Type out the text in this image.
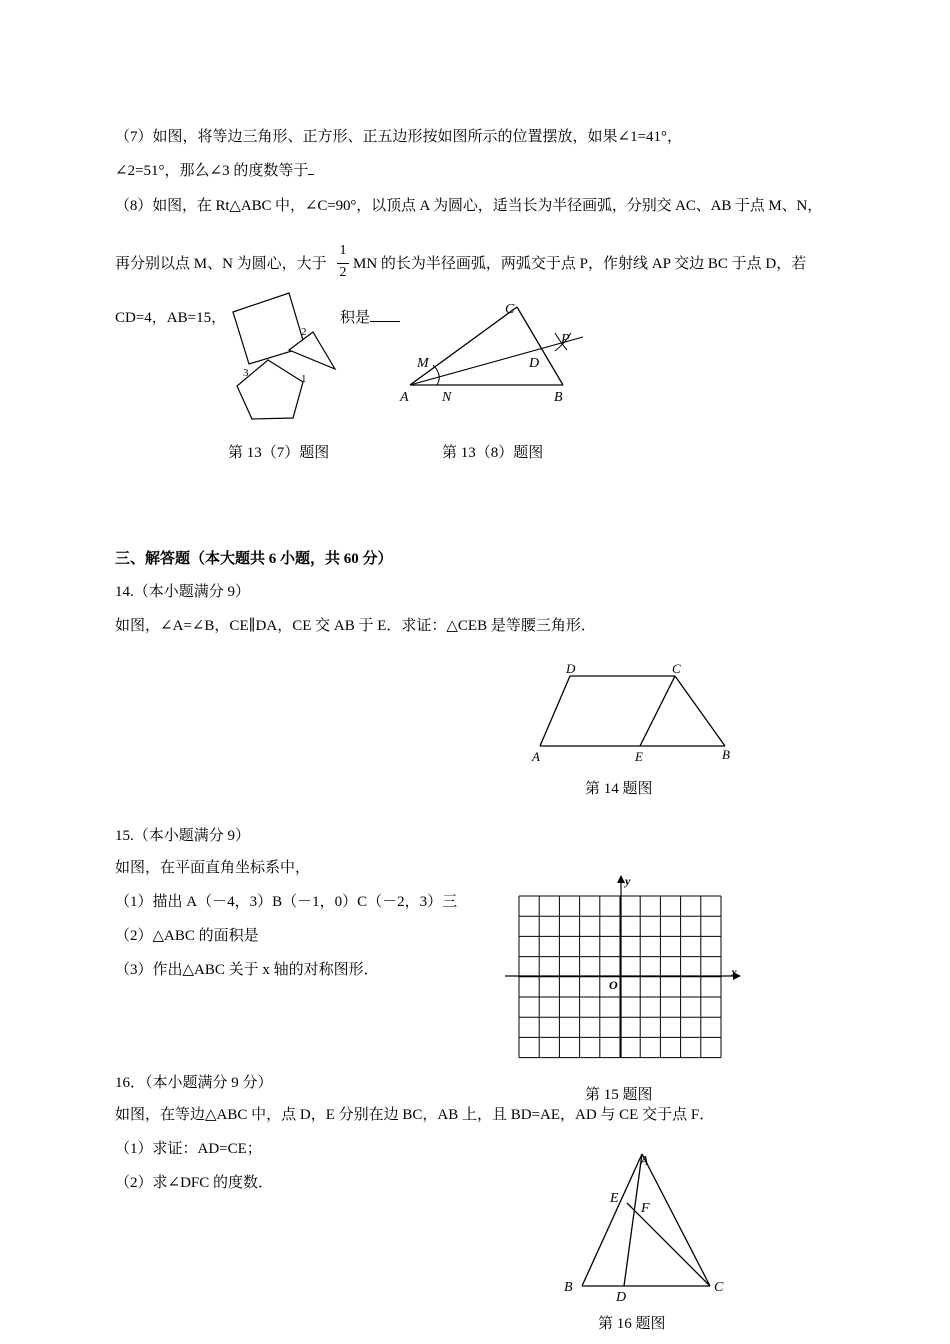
（7）如图，将等边三角形、正方形、正五边形按如图所示的位置摆放，如果∠1=41°，
∠2=51°，那么∠3 的度数等于
（8）如图，在 Rt△ABC 中，∠C=90°，以顶点 A 为圆心，适当长为半径画弧，分别交 AC、AB 于点 M、N，
再分别以点 M、N 为圆心，大于
1
2
MN 的长为半径画弧，两弧交于点 P，作射线 AP 交边 BC 于点 D，若
CD=4，AB=15，	积是
1
2
3
第 13（7）题图
A N	B
C
M	D
P
第 13（8）题图
三、解答题（本大题共 6 小题，共 60 分）
14.（本小题满分 9）
如图，∠A=∠B，CE∥DA，CE 交 AB 于 E．求证：△CEB 是等腰三角形．
D	C
A	E	B
第 14 题图
15.（本小题满分 9）
如图，在平面直角坐标系中，
（1）描出 A（－4，3）B（－1，0）C（－2，3）三
（2）△ABC 的面积是
（3）作出△ABC 关于 x 轴的对称图形．
y
x
O
第 15 题图
16．（本小题满分 9 分）
如图，在等边△ABC 中，点 D，E 分别在边 BC，AB 上，且 BD=AE，AD 与 CE 交于点 F．
（1）求证：AD=CE；
（2）求∠DFC 的度数．
A
E
F
B
D
C
第 16 题图
